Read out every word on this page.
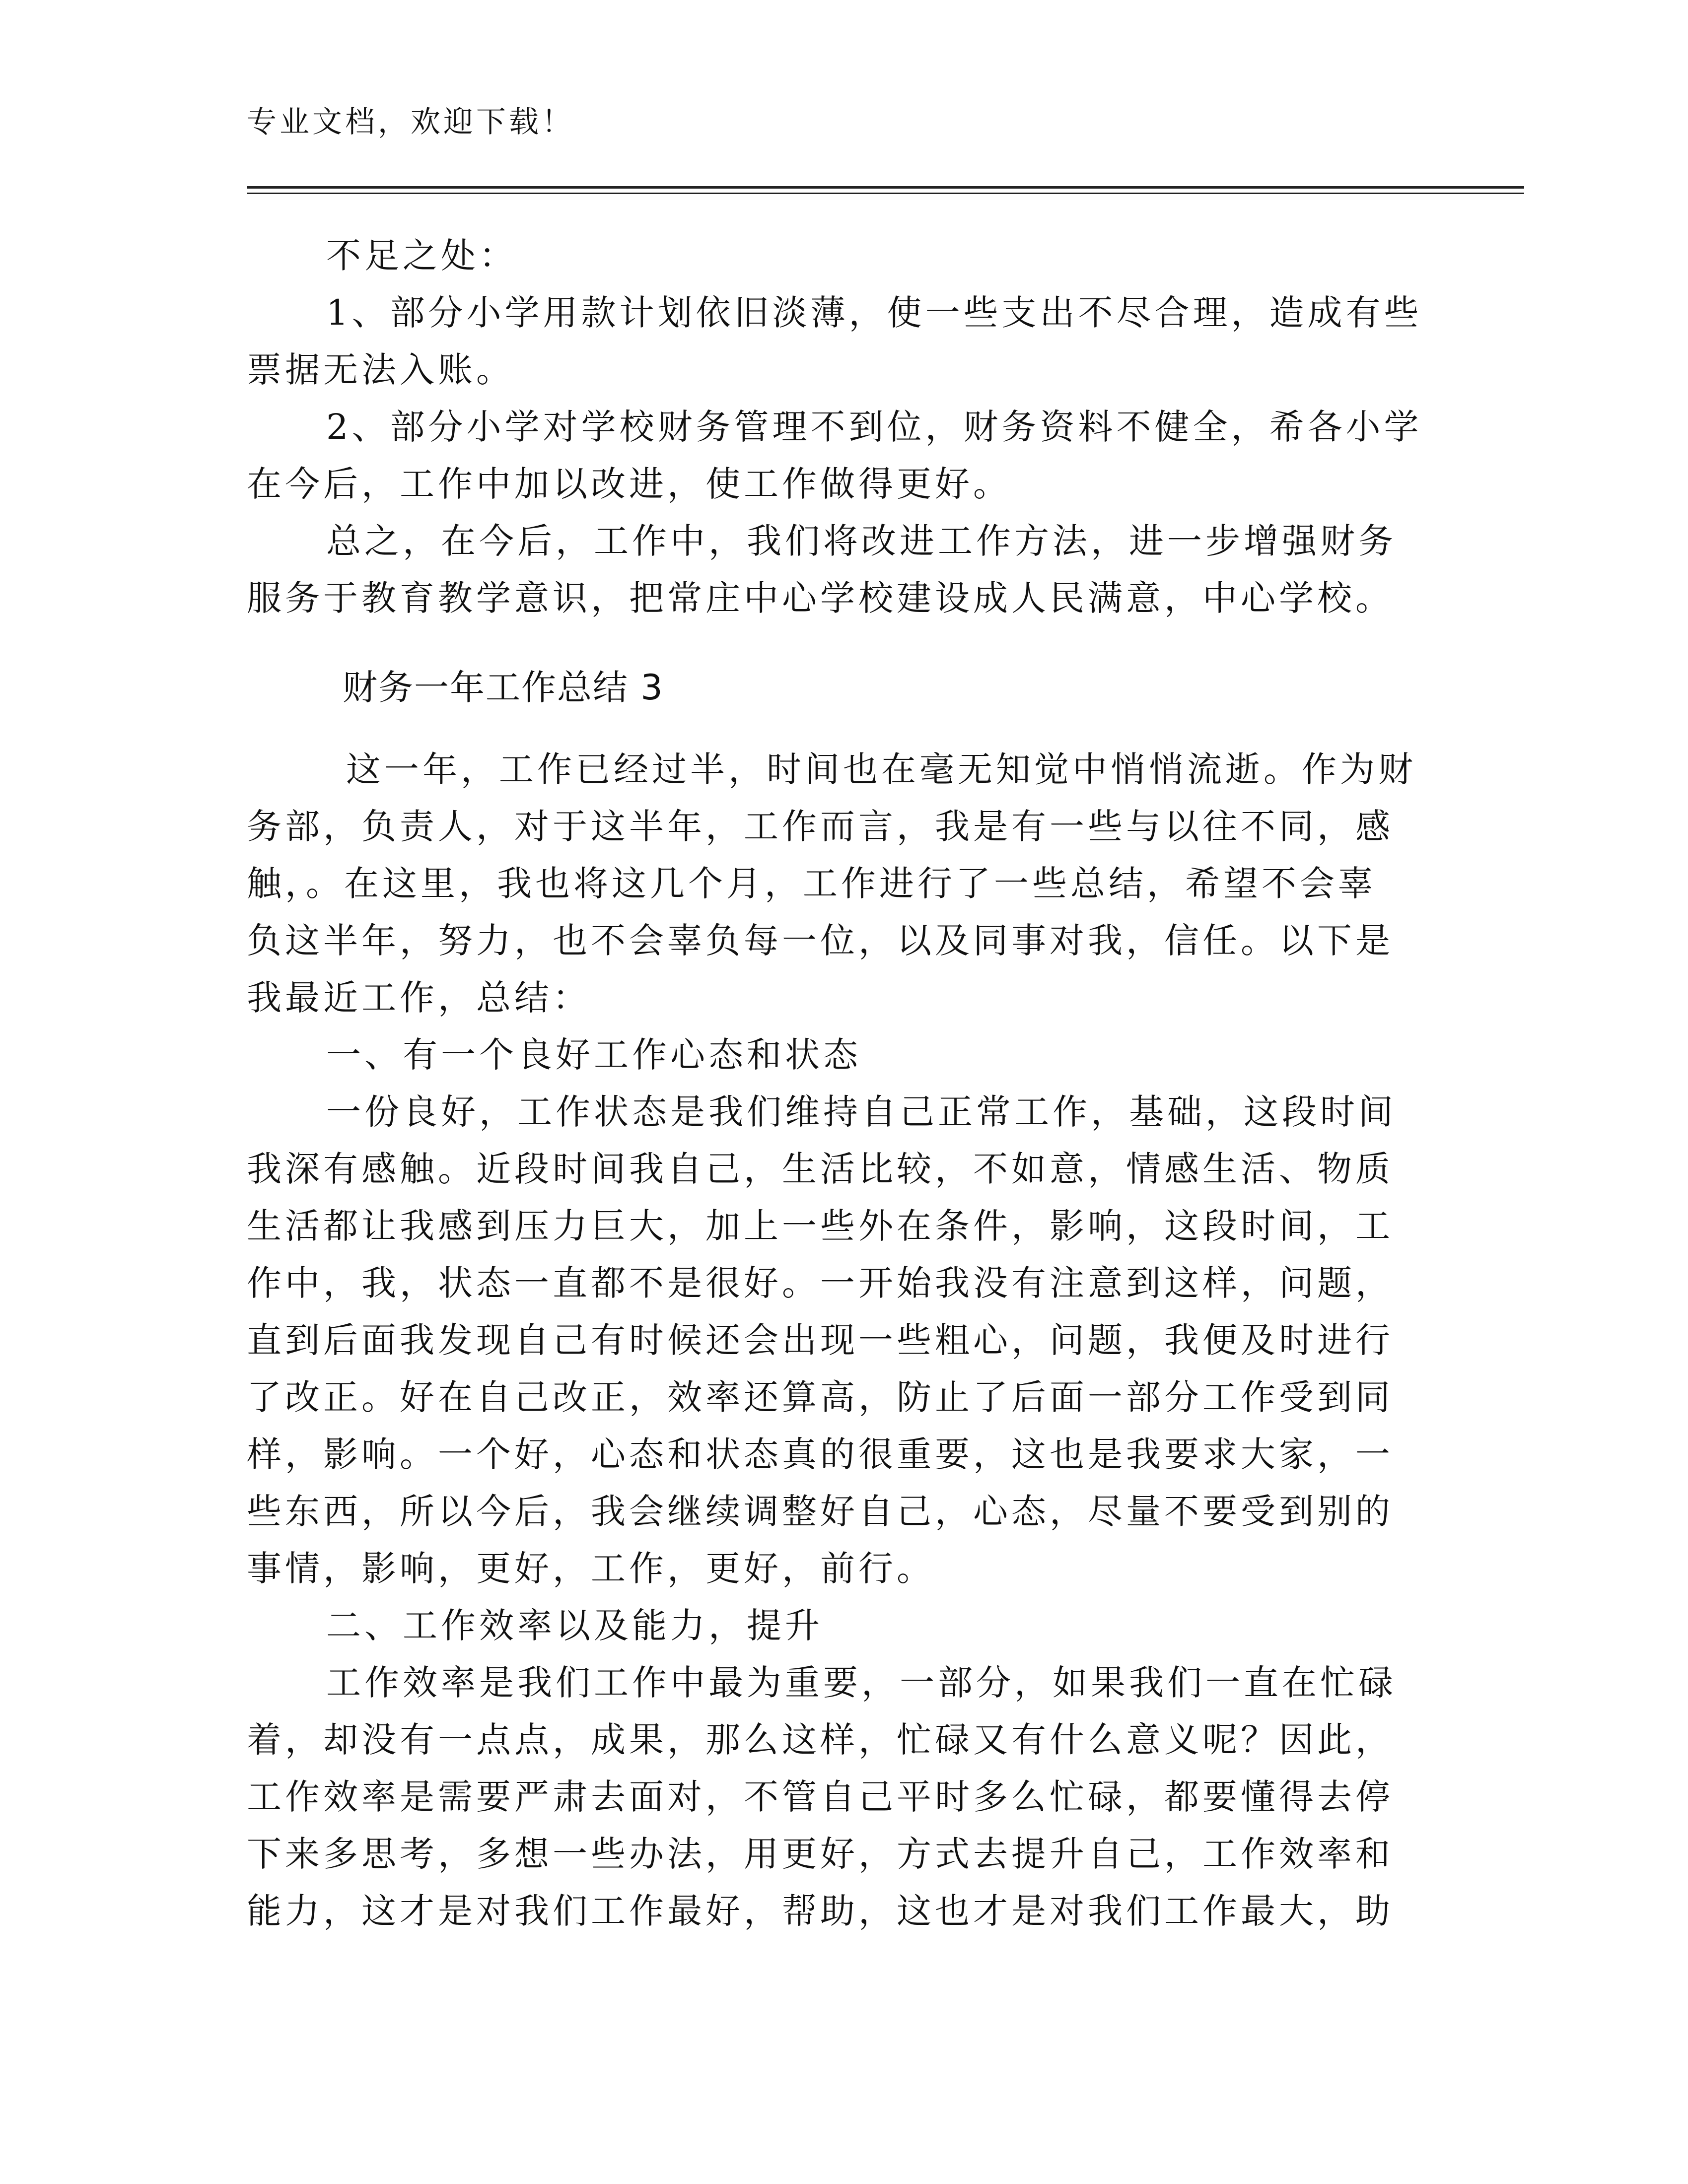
专业文档，欢迎下载！
不足之处：
1、部分小学用款计划依旧淡薄，使一些支出不尽合理，造成有些
票据无法入账。
2、部分小学对学校财务管理不到位，财务资料不健全，希各小学
在今后，工作中加以改进，使工作做得更好。
总之，在今后，工作中，我们将改进工作方法，进一步增强财务
服务于教育教学意识，把常庄中心学校建设成人民满意，中心学校。
财务一年工作总结 3
这一年，工作已经过半，时间也在毫无知觉中悄悄流逝。作为财
务部，负责人，对于这半年，工作而言，我是有一些与以往不同，感
触，。在这里，我也将这几个月，工作进行了一些总结，希望不会辜
负这半年，努力，也不会辜负每一位，以及同事对我，信任。以下是
我最近工作，总结：
一、有一个良好工作心态和状态
一份良好，工作状态是我们维持自己正常工作，基础，这段时间
我深有感触。近段时间我自己，生活比较，不如意，情感生活、物质
生活都让我感到压力巨大，加上一些外在条件，影响，这段时间，工
作中，我，状态一直都不是很好。一开始我没有注意到这样，问题，
直到后面我发现自己有时候还会出现一些粗心，问题，我便及时进行
了改正。好在自己改正，效率还算高，防止了后面一部分工作受到同
样，影响。一个好，心态和状态真的很重要，这也是我要求大家，一
些东西，所以今后，我会继续调整好自己，心态，尽量不要受到别的
事情，影响，更好，工作，更好，前行。
二、工作效率以及能力，提升
工作效率是我们工作中最为重要，一部分，如果我们一直在忙碌
着，却没有一点点，成果，那么这样，忙碌又有什么意义呢？因此，
工作效率是需要严肃去面对，不管自己平时多么忙碌，都要懂得去停
下来多思考，多想一些办法，用更好，方式去提升自己，工作效率和
能力，这才是对我们工作最好，帮助，这也才是对我们工作最大，助
